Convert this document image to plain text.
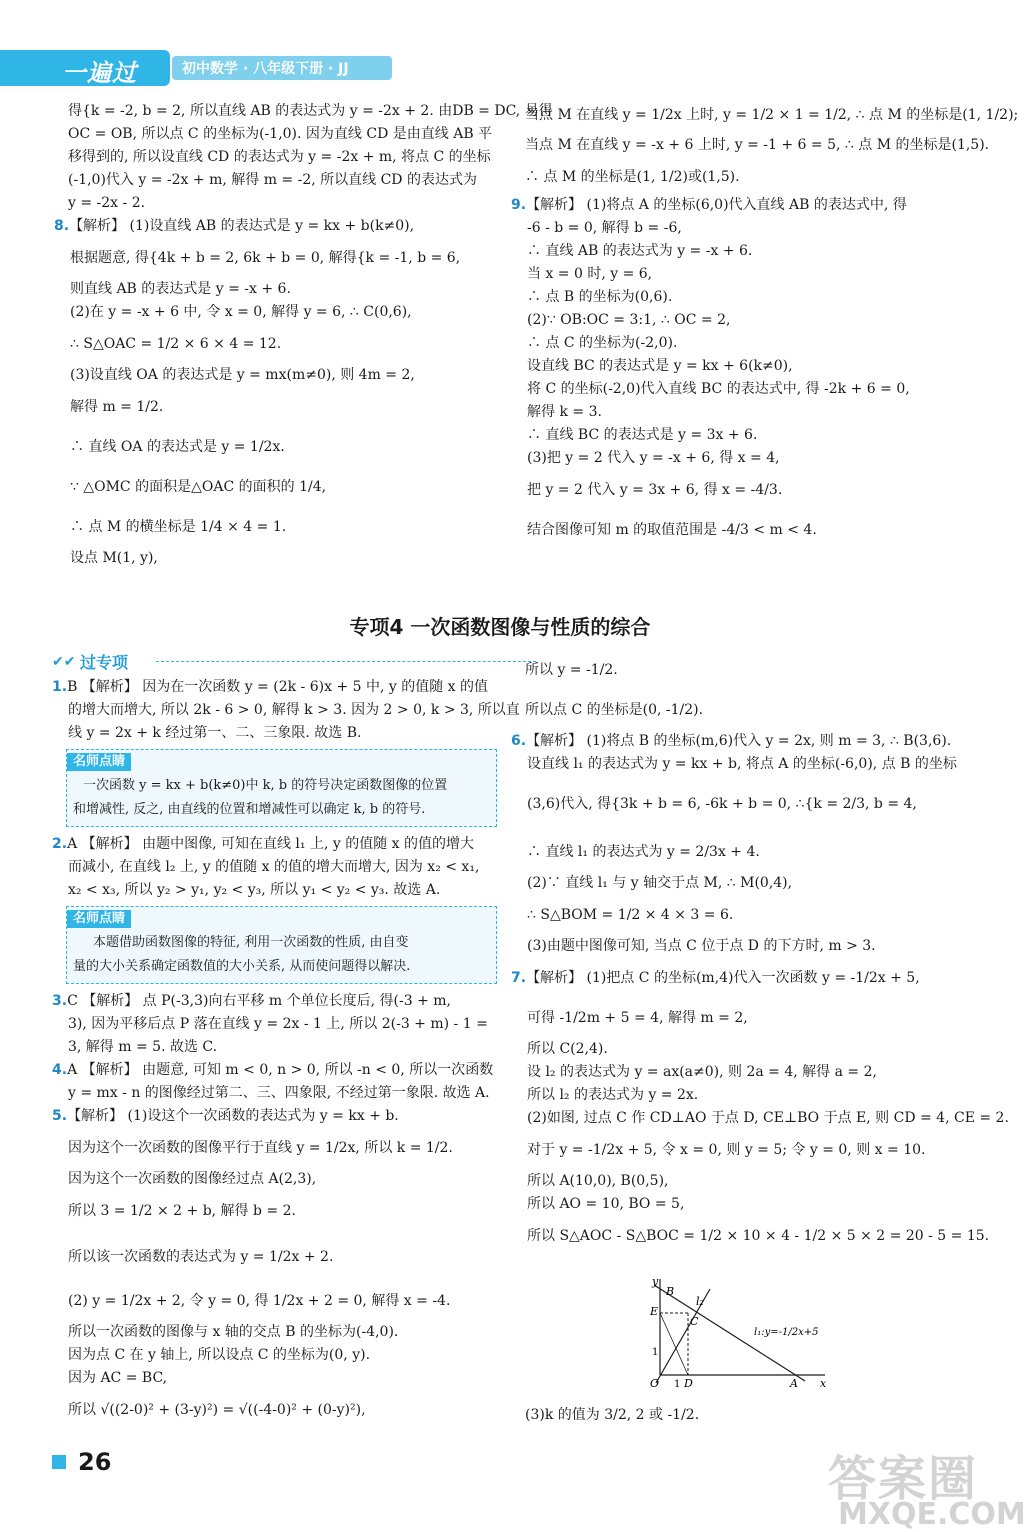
一遍过	初中数学 · 八年级下册 · JJ
得{k = -2, b = 2, 所以直线 AB 的表达式为 y = -2x + 2. 由DB = DC, 易得
OC = OB, 所以点 C 的坐标为(-1,0). 因为直线 CD 是由直线 AB 平
移得到的, 所以设直线 CD 的表达式为 y = -2x + m, 将点 C 的坐标
(-1,0)代入 y = -2x + m, 解得 m = -2, 所以直线 CD 的表达式为
y = -2x - 2.
8.【解析】 (1)设直线 AB 的表达式是 y = kx + b(k≠0),
根据题意, 得{4k + b = 2, 6k + b = 0, 解得{k = -1, b = 6,
则直线 AB 的表达式是 y = -x + 6.
(2)在 y = -x + 6 中, 令 x = 0, 解得 y = 6, ∴ C(0,6),
∴ S△OAC = 1/2 × 6 × 4 = 12.
(3)设直线 OA 的表达式是 y = mx(m≠0), 则 4m = 2,
解得 m = 1/2.
∴ 直线 OA 的表达式是 y = 1/2x.
∵ △OMC 的面积是△OAC 的面积的 1/4,
∴ 点 M 的横坐标是 1/4 × 4 = 1.
设点 M(1, y),
当点 M 在直线 y = 1/2x 上时, y = 1/2 × 1 = 1/2, ∴ 点 M 的坐标是(1, 1/2);
当点 M 在直线 y = -x + 6 上时, y = -1 + 6 = 5, ∴ 点 M 的坐标是(1,5).
∴ 点 M 的坐标是(1, 1/2)或(1,5).
9.【解析】 (1)将点 A 的坐标(6,0)代入直线 AB 的表达式中, 得
-6 - b = 0, 解得 b = -6,
∴ 直线 AB 的表达式为 y = -x + 6.
当 x = 0 时, y = 6,
∴ 点 B 的坐标为(0,6).
(2)∵ OB:OC = 3:1, ∴ OC = 2,
∴ 点 C 的坐标为(-2,0).
设直线 BC 的表达式是 y = kx + 6(k≠0),
将 C 的坐标(-2,0)代入直线 BC 的表达式中, 得 -2k + 6 = 0,
解得 k = 3.
∴ 直线 BC 的表达式是 y = 3x + 6.
(3)把 y = 2 代入 y = -x + 6, 得 x = 4,
把 y = 2 代入 y = 3x + 6, 得 x = -4/3.
结合图像可知 m 的取值范围是 -4/3 < m < 4.
专项4 一次函数图像与性质的综合
✔✔ 过专项
1.B 【解析】 因为在一次函数 y = (2k - 6)x + 5 中, y 的值随 x 的值
的增大而增大, 所以 2k - 6 > 0, 解得 k > 3. 因为 2 > 0, k > 3, 所以直
线 y = 2x + k 经过第一、二、三象限. 故选 B.
名师点睛
一次函数 y = kx + b(k≠0)中 k, b 的符号决定函数图像的位置
和增减性, 反之, 由直线的位置和增减性可以确定 k, b 的符号.
2.A 【解析】 由题中图像, 可知在直线 l₁ 上, y 的值随 x 的值的增大
而减小, 在直线 l₂ 上, y 的值随 x 的值的增大而增大, 因为 x₂ < x₁,
x₂ < x₃, 所以 y₂ > y₁, y₂ < y₃, 所以 y₁ < y₂ < y₃. 故选 A.
名师点睛
本题借助函数图像的特征, 利用一次函数的性质, 由自变
量的大小关系确定函数值的大小关系, 从而使问题得以解决.
3.C 【解析】 点 P(-3,3)向右平移 m 个单位长度后, 得(-3 + m,
3), 因为平移后点 P 落在直线 y = 2x - 1 上, 所以 2(-3 + m) - 1 =
3, 解得 m = 5. 故选 C.
4.A 【解析】 由题意, 可知 m < 0, n > 0, 所以 -n < 0, 所以一次函数
y = mx - n 的图像经过第二、三、四象限, 不经过第一象限. 故选 A.
5.【解析】 (1)设这个一次函数的表达式为 y = kx + b.
因为这个一次函数的图像平行于直线 y = 1/2x, 所以 k = 1/2.
因为这个一次函数的图像经过点 A(2,3),
所以 3 = 1/2 × 2 + b, 解得 b = 2.
所以该一次函数的表达式为 y = 1/2x + 2.
(2) y = 1/2x + 2, 令 y = 0, 得 1/2x + 2 = 0, 解得 x = -4.
所以一次函数的图像与 x 轴的交点 B 的坐标为(-4,0).
因为点 C 在 y 轴上, 所以设点 C 的坐标为(0, y).
因为 AC = BC,
所以 √((2-0)² + (3-y)²) = √((-4-0)² + (0-y)²),
所以 y = -1/2.
所以点 C 的坐标是(0, -1/2).
6.【解析】 (1)将点 B 的坐标(m,6)代入 y = 2x, 则 m = 3, ∴ B(3,6).
设直线 l₁ 的表达式为 y = kx + b, 将点 A 的坐标(-6,0), 点 B 的坐标
(3,6)代入, 得{3k + b = 6, -6k + b = 0, ∴{k = 2/3, b = 4,
∴ 直线 l₁ 的表达式为 y = 2/3x + 4.
(2)∵ 直线 l₁ 与 y 轴交于点 M, ∴ M(0,4),
∴ S△BOM = 1/2 × 4 × 3 = 6.
(3)由题中图像可知, 当点 C 位于点 D 的下方时, m > 3.
7.【解析】 (1)把点 C 的坐标(m,4)代入一次函数 y = -1/2x + 5,
可得 -1/2m + 5 = 4, 解得 m = 2,
所以 C(2,4).
设 l₂ 的表达式为 y = ax(a≠0), 则 2a = 4, 解得 a = 2,
所以 l₂ 的表达式为 y = 2x.
(2)如图, 过点 C 作 CD⊥AO 于点 D, CE⊥BO 于点 E, 则 CD = 4, CE = 2.
对于 y = -1/2x + 5, 令 x = 0, 则 y = 5; 令 y = 0, 则 x = 10.
所以 A(10,0), B(0,5),
所以 AO = 10, BO = 5,
所以 S△AOC - S△BOC = 1/2 × 10 × 4 - 1/2 × 5 × 2 = 20 - 5 = 15.
y
B
E
C
l₂
l₁:y=-1/2x+5
1
O 1 D	A x
(3)k 的值为 3/2, 2 或 -1/2.
26	答案圈
MXQE.COM
